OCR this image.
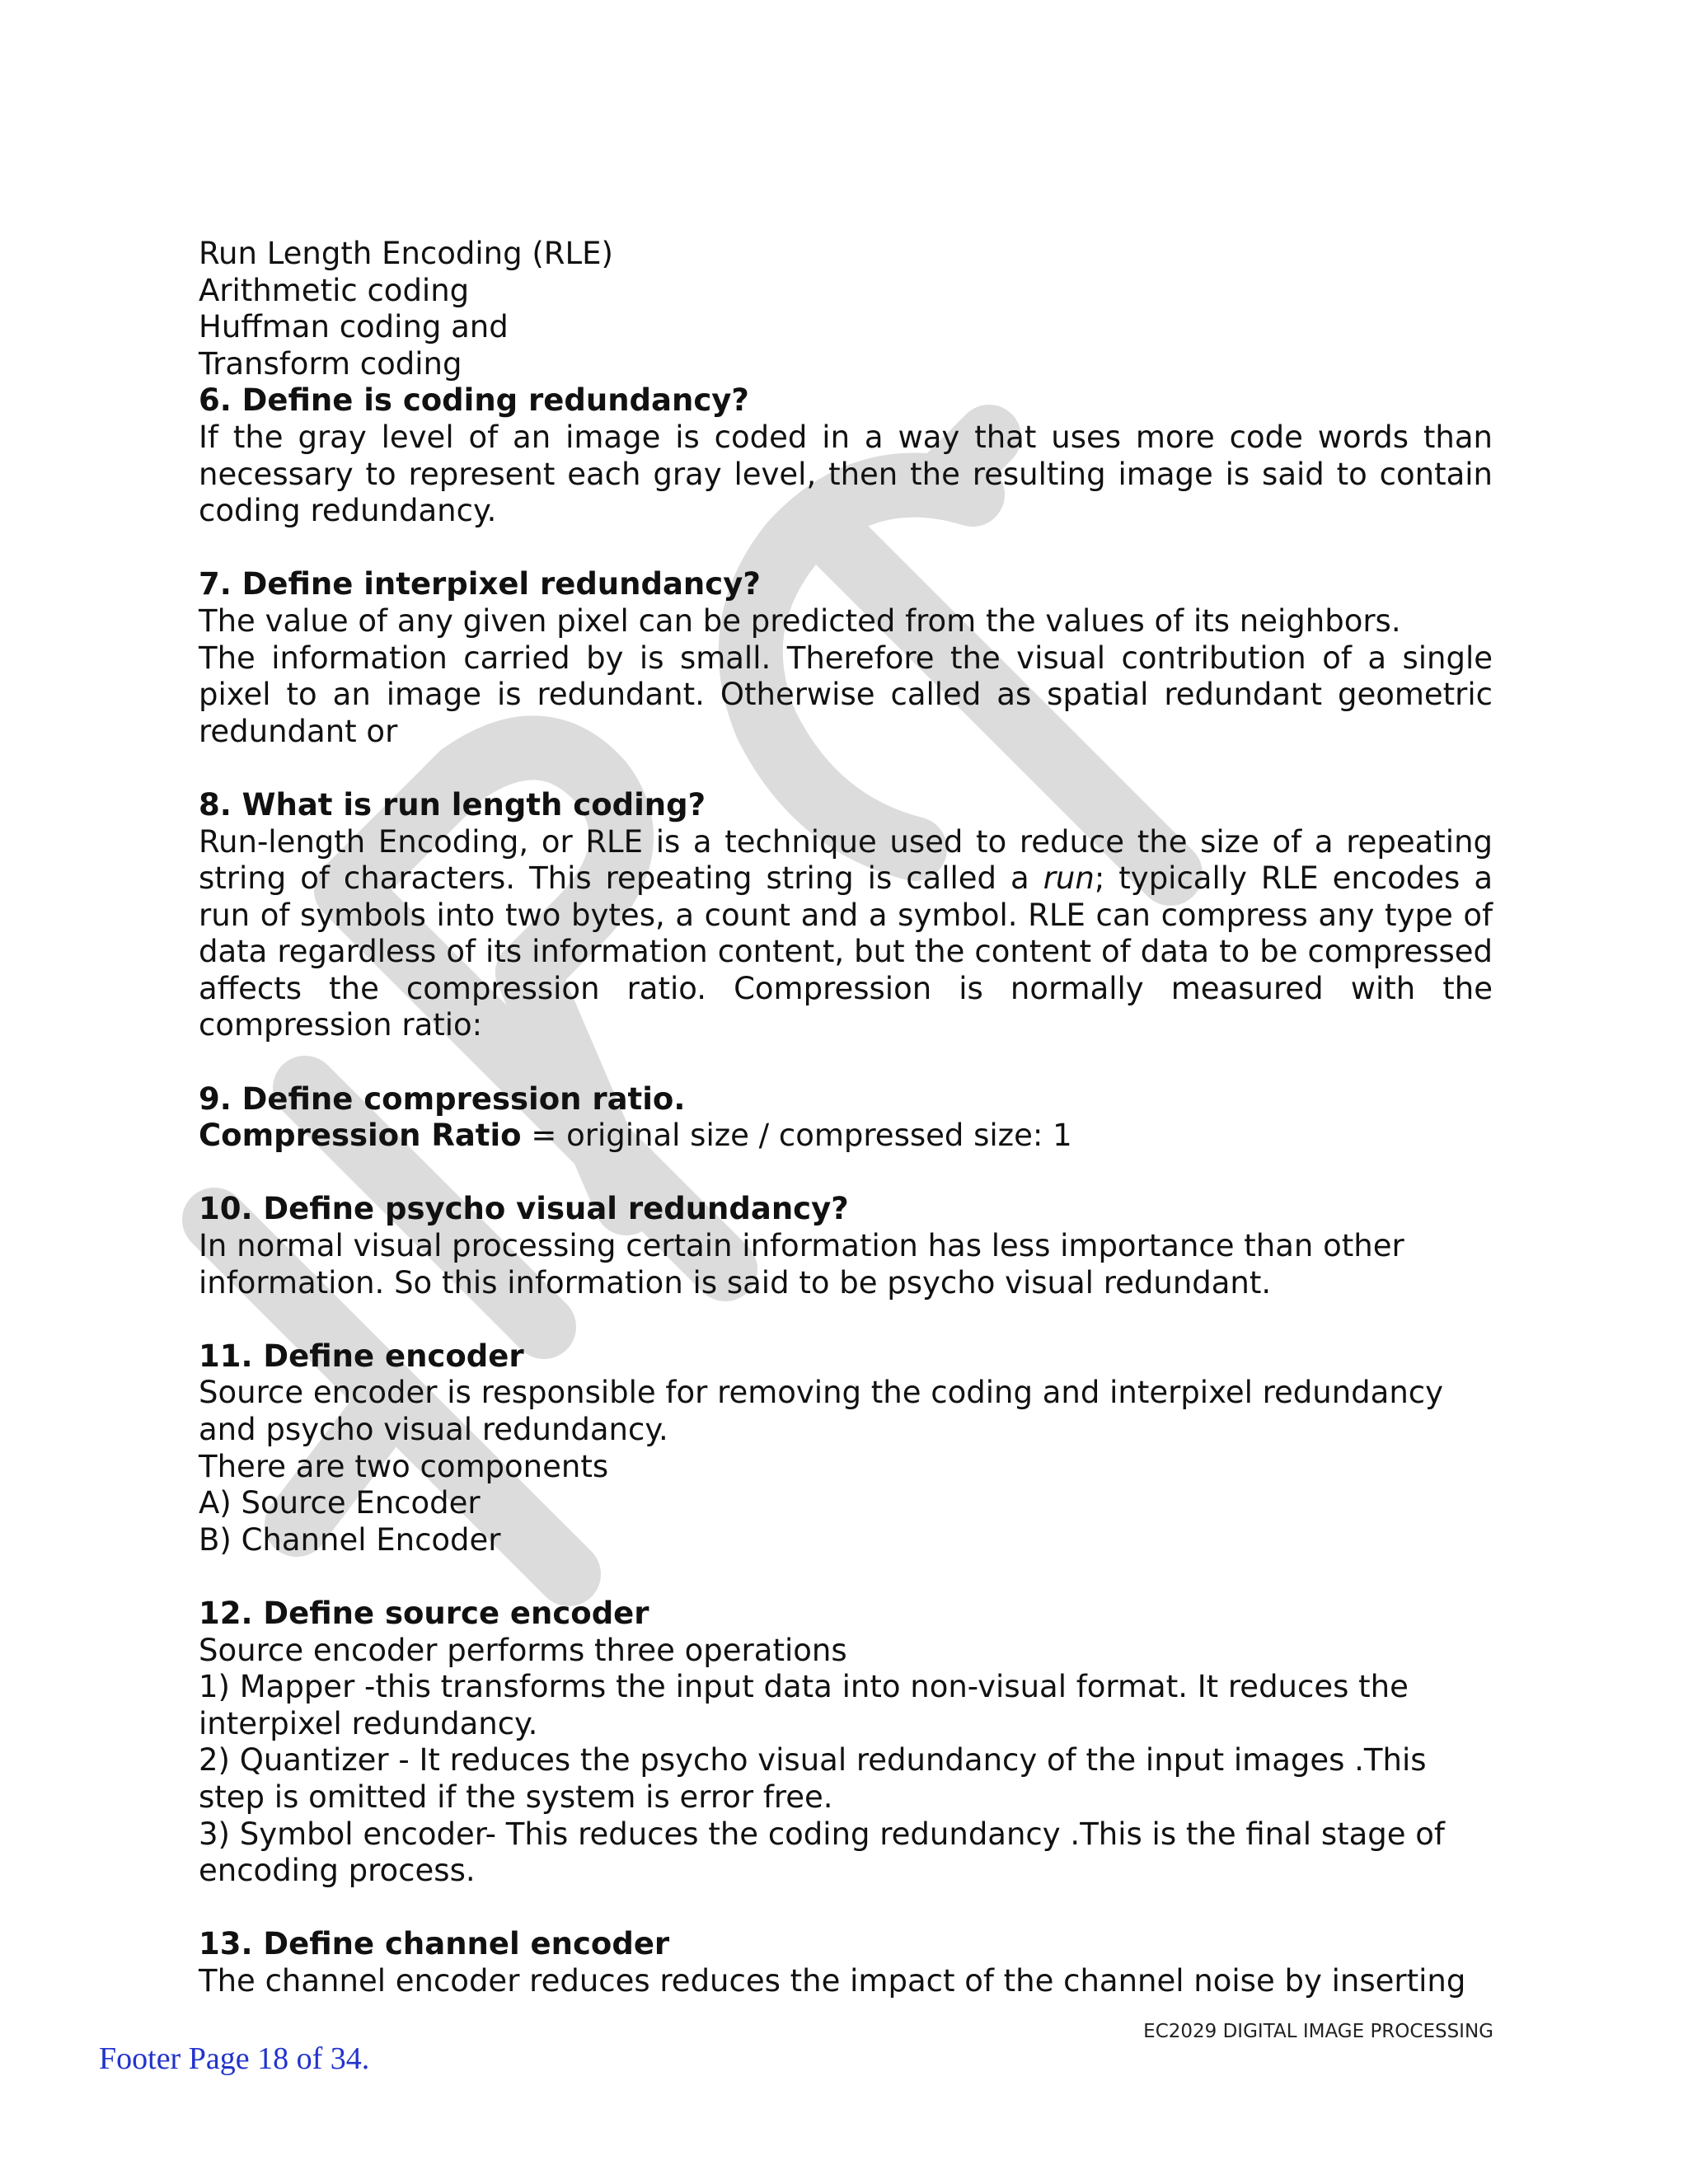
Run Length Encoding (RLE)

Arithmetic coding

Huffman coding and

Transform coding

6. Define is coding redundancy?

If the gray level of an image is coded in a way that uses more code words than necessary to represent each gray level, then the resulting image is said to contain coding redundancy.

7. Define interpixel redundancy?

The value of any given pixel can be predicted from the values of its neighbors.

The information carried by is small. Therefore the visual contribution of a single pixel to an image is redundant. Otherwise called as spatial redundant geometric redundant or

8. What is run length coding?

Run-length Encoding, or RLE is a technique used to reduce the size of a repeating string of characters. This repeating string is called a run; typically RLE encodes a run of symbols into two bytes, a count and a symbol. RLE can compress any type of data regardless of its information content, but the content of data to be compressed affects the compression ratio. Compression is normally measured with the compression ratio:

9. Define compression ratio.

Compression Ratio = original size / compressed size: 1

10. Define psycho visual redundancy?

In normal visual processing certain information has less importance than other information. So this information is said to be psycho visual redundant.

11. Define encoder

Source encoder is responsible for removing the coding and interpixel redundancy and psycho visual redundancy.

There are two components

A) Source Encoder

B) Channel Encoder

12. Define source encoder

Source encoder performs three operations

1) Mapper -this transforms the input data into non-visual format. It reduces the interpixel redundancy.

2) Quantizer - It reduces the psycho visual redundancy of the input images .This step is omitted if the system is error free.

3) Symbol encoder- This reduces the coding redundancy .This is the final stage of encoding process.

13. Define channel encoder

The channel encoder reduces reduces the impact of the channel noise by inserting

EC2029 DIGITAL IMAGE PROCESSING
Footer Page 18 of 34.
